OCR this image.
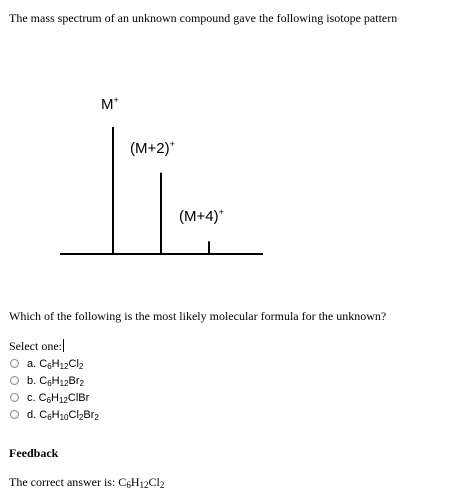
The mass spectrum of an unknown compound gave the following isotope pattern
M+
(M+2)+
(M+4)+
Which of the following is the most likely molecular formula for the unknown?
Select one:
a. $C_6H_{12}Cl_2$
b. $C_6H_{12}Br_2$
c. $C_6H_{12}ClBr$
d. $C_6H_{10}Cl_2Br_2$
Feedback
The correct answer is: $C_6H_{12}Cl_2$
